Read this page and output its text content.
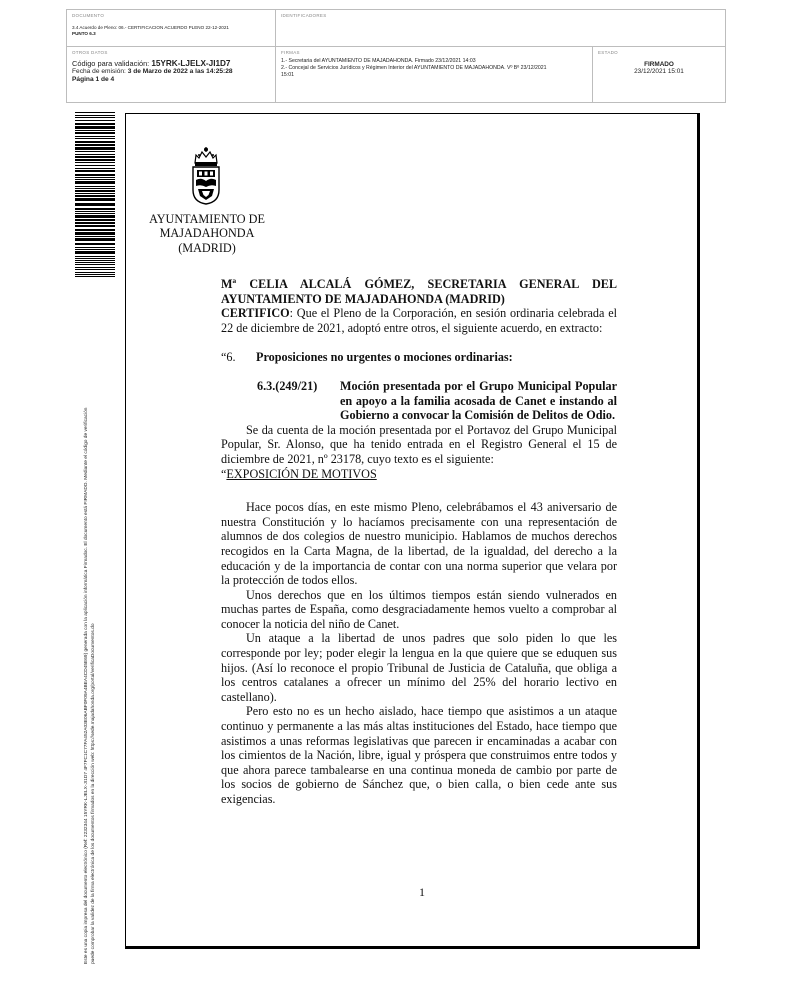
DOCUMENTO
3.4 Acuerdo de Pleno: 06.- CERTIFICACION ACUERDO PLENO 22-12-2021
PUNTO 6.3
IDENTIFICADORES
OTROS DATOS
Código para validación: 15YRK-LJELX-JI1D7
Fecha de emisión: 3 de Marzo de 2022 a las 14:25:28
Página 1 de 4
FIRMAS
1.- Secretaria del AYUNTAMIENTO DE MAJADAHONDA. Firmado 23/12/2021 14:03
2.- Concejal de Servicios Jurídicos y Régimen Interior del AYUNTAMIENTO DE MAJADAHONDA. Vº Bº 23/12/2021
15:01
ESTADO
FIRMADO
23/12/2021 15:01
Este es una copia impresa del documento electrónico (Ref: 2232344 15YRK-LJELX-JI1D7 4F7FC1C77FA452A03E06ABF0F09A4BEA4CD45E69) generada con la aplicación informática Firmadoc. El documento está FIRMADO. Mediante el código de verificación puede comprobar la validez de la firma electrónica de los documentos firmados en la dirección web: https://sede.majadahonda.org/portal/verificaDocumentos.do
AYUNTAMIENTO DE
MAJADAHONDA
(MADRID)

Mª CELIA ALCALÁ GÓMEZ, SECRETARIA GENERAL DEL AYUNTAMIENTO DE MAJADAHONDA (MADRID)

CERTIFICO: Que el Pleno de la Corporación, en sesión ordinaria celebrada el 22 de diciembre de 2021, adoptó entre otros, el siguiente acuerdo, en extracto:

“6.	Proposiciones no urgentes o mociones ordinarias:
6.3.(249/21)	Moción presentada por el Grupo Municipal Popular en apoyo a la familia acosada de Canet e instando al Gobierno a convocar la Comisión de Delitos de Odio.

Se da cuenta de la moción presentada por el Portavoz del Grupo Municipal Popular, Sr. Alonso, que ha tenido entrada en el Registro General el 15 de diciembre de 2021, nº 23178, cuyo texto es el siguiente:

“EXPOSICIÓN DE MOTIVOS

Hace pocos días, en este mismo Pleno, celebrábamos el 43 aniversario de nuestra Constitución y lo hacíamos precisamente con una representación de alumnos de dos colegios de nuestro municipio. Hablamos de muchos derechos recogidos en la Carta Magna, de la libertad, de la igualdad, del derecho a la educación y de la importancia de contar con una norma superior que velara por la protección de todos ellos.

Unos derechos que en los últimos tiempos están siendo vulnerados en muchas partes de España, como desgraciadamente hemos vuelto a comprobar al conocer la noticia del niño de Canet.

Un ataque a la libertad de unos padres que solo piden lo que les corresponde por ley; poder elegir la lengua en la que quiere que se eduquen sus hijos. (Así lo reconoce el propio Tribunal de Justicia de Cataluña, que obliga a los centros catalanes a ofrecer un mínimo del 25% del horario lectivo en castellano).

Pero esto no es un hecho aislado, hace tiempo que asistimos a un ataque continuo y permanente a las más altas instituciones del Estado, hace tiempo que asistimos a unas reformas legislativas que parecen ir encaminadas a acabar con los cimientos de la Nación, libre, igual y próspera que construimos entre todos y que ahora parece tambalearse en una continua moneda de cambio por parte de los socios de gobierno de Sánchez que, o bien calla, o bien cede ante sus exigencias.

1
